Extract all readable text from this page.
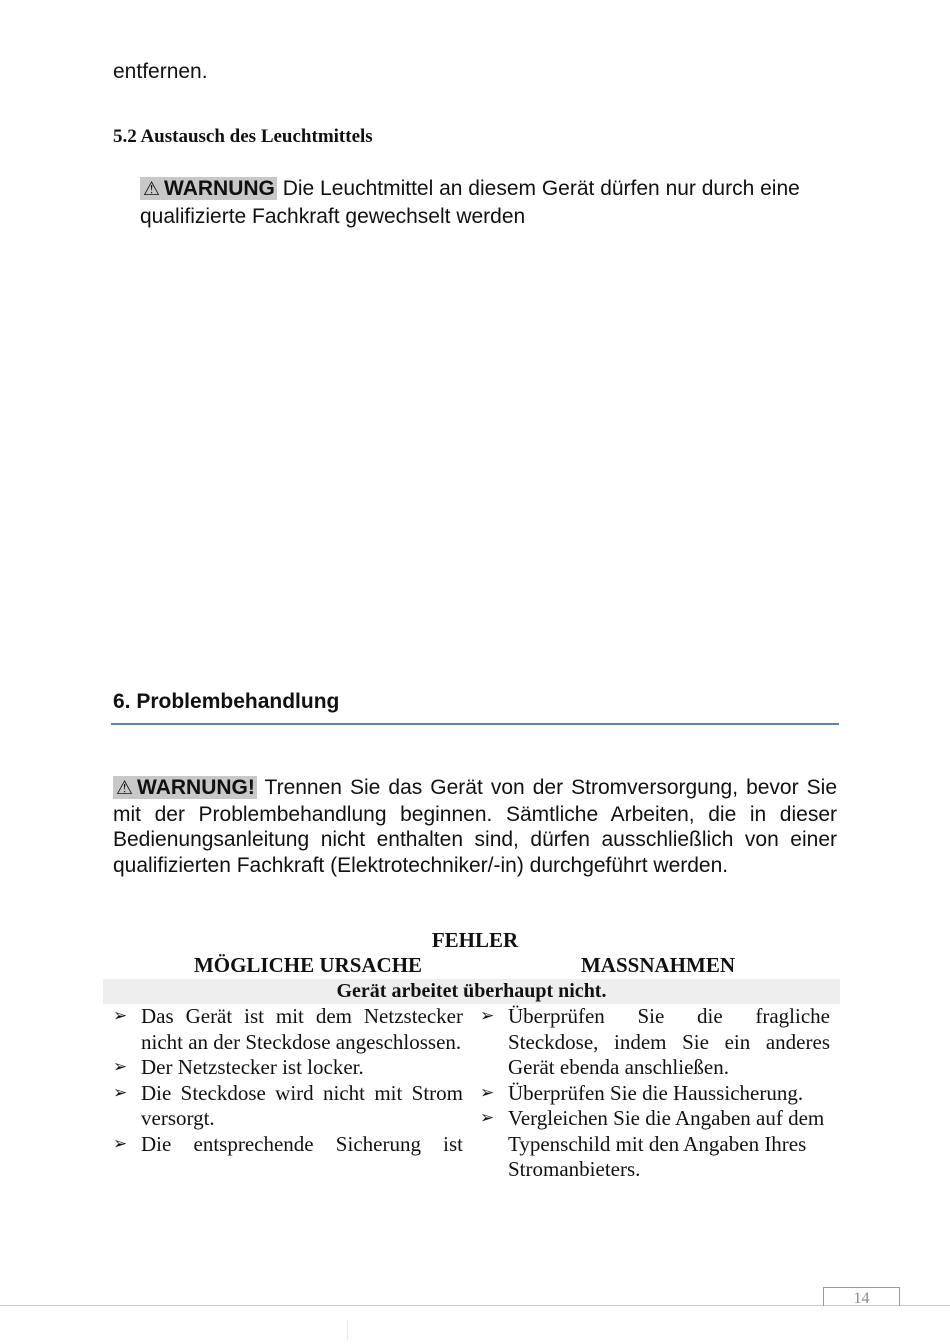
entfernen.
5.2 Austausch des Leuchtmittels
⚠ WARNUNG Die Leuchtmittel an diesem Gerät dürfen nur durch eine qualifizierte Fachkraft gewechselt werden
6. Problembehandlung
⚠ WARNUNG! Trennen Sie das Gerät von der Stromversorgung, bevor Sie mit der Problembehandlung beginnen. Sämtliche Arbeiten, die in dieser Bedienungsanleitung nicht enthalten sind, dürfen ausschließlich von einer qualifizierten Fachkraft (Elektrotechniker/-in) durchgeführt werden.
FEHLER
MÖGLICHE URSACHE	MASSNAHMEN
Gerät arbeitet überhaupt nicht.
➢ Das Gerät ist mit dem Netzstecker nicht an der Steckdose angeschlossen.
➢ Der Netzstecker ist locker.
➢ Die Steckdose wird nicht mit Strom versorgt.
➢ Die entsprechende Sicherung ist
➢ Überprüfen Sie die fragliche Steckdose, indem Sie ein anderes Gerät ebenda anschließen.
➢ Überprüfen Sie die Haussicherung.
➢ Vergleichen Sie die Angaben auf dem Typenschild mit den Angaben Ihres Stromanbieters.
14
